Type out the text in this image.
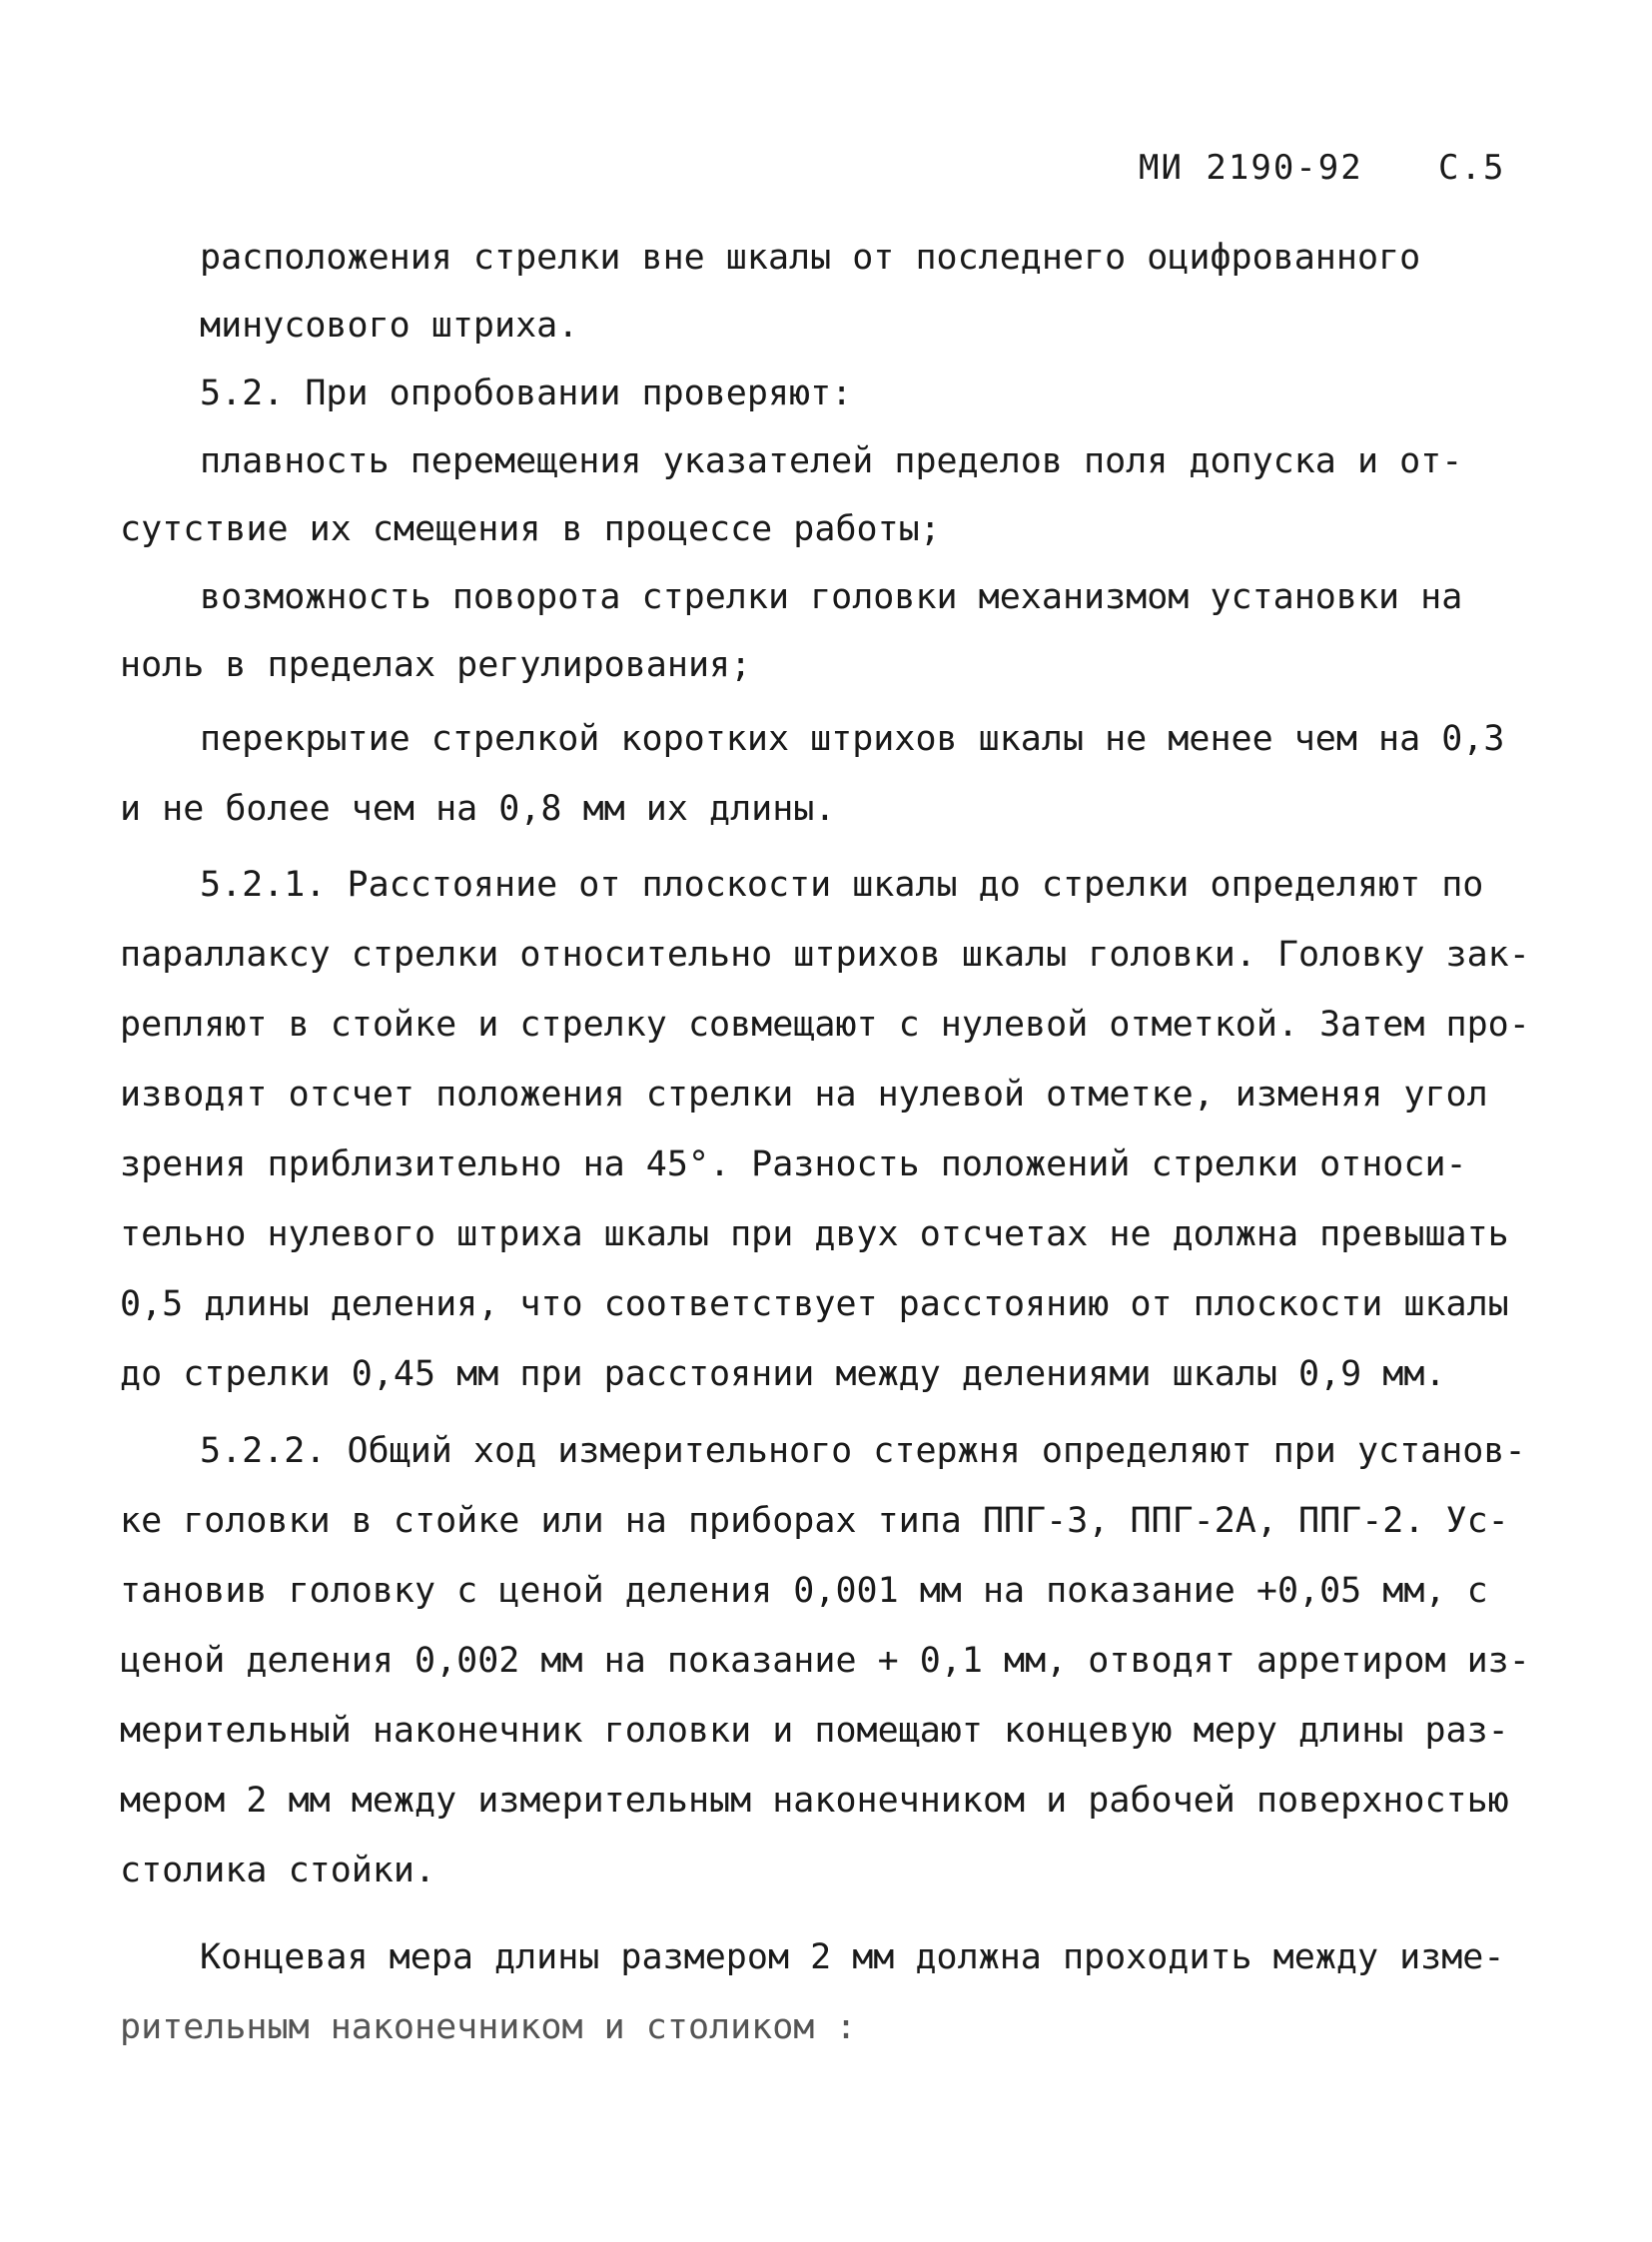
МИ 2190-92 С.5
расположения стрелки вне шкалы от последнего оцифрованного
минусового штриха.
5.2. При опробовании проверяют:
плавность перемещения указателей пределов поля допуска и от-
сутствие их смещения в процессе работы;
возможность поворота стрелки головки механизмом установки на
ноль в пределах регулирования;
перекрытие стрелкой коротких штрихов шкалы не менее чем на 0,3
и не более чем на 0,8 мм их длины.
5.2.1. Расстояние от плоскости шкалы до стрелки определяют по
параллаксу стрелки относительно штрихов шкалы головки. Головку зак-
репляют в стойке и стрелку совмещают с нулевой отметкой. Затем про-
изводят отсчет положения стрелки на нулевой отметке, изменяя угол
зрения приблизительно на 45°. Разность положений стрелки относи-
тельно нулевого штриха шкалы при двух отсчетах не должна превышать
0,5 длины деления, что соответствует расстоянию от плоскости шкалы
до стрелки 0,45 мм при расстоянии между делениями шкалы 0,9 мм.
5.2.2. Общий ход измерительного стержня определяют при установ-
ке головки в стойке или на приборах типа ППГ-3, ППГ-2А, ППГ-2. Ус-
тановив головку с ценой деления 0,001 мм на показание +0,05 мм, с
ценой деления 0,002 мм на показание + 0,1 мм, отводят арретиром из-
мерительный наконечник головки и помещают концевую меру длины раз-
мером 2 мм между измерительным наконечником и рабочей поверхностью
столика стойки.
Концевая мера длины размером 2 мм должна проходить между изме-
рительным наконечником и столиком :
